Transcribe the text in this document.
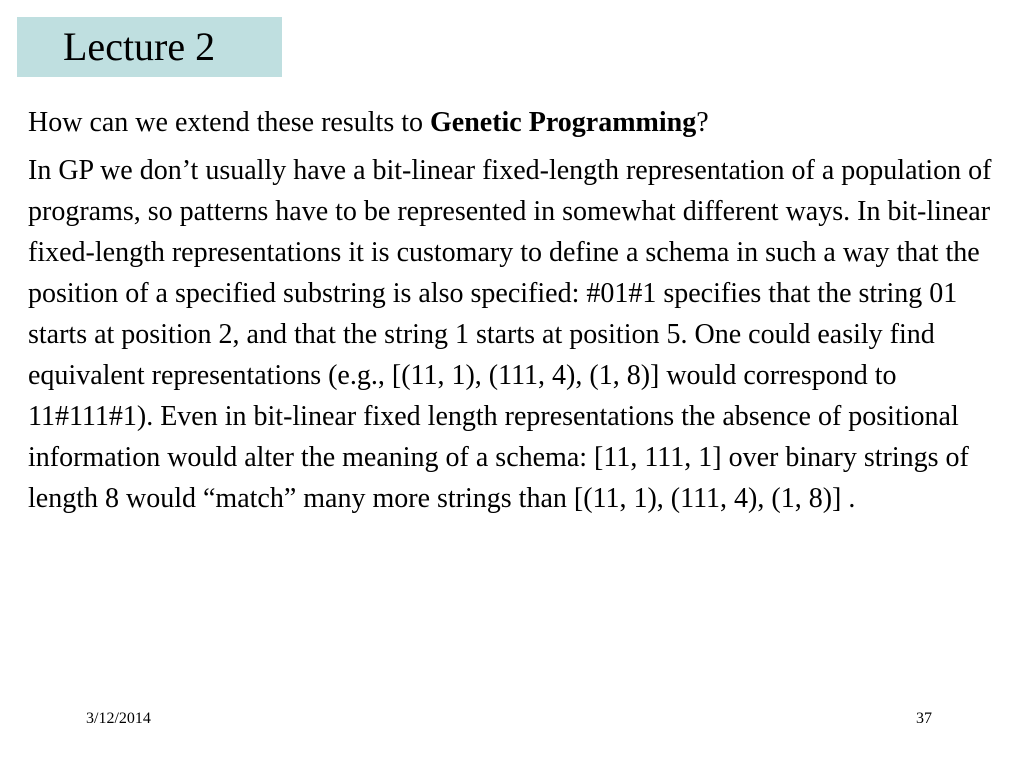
Lecture 2

How can we extend these results to Genetic Programming?

In GP we don’t usually have a bit-linear fixed-length representation of a population of programs, so patterns have to be represented in somewhat different ways. In bit-linear fixed-length representations it is customary to define a schema in such a way that the position of a specified substring is also specified: #01#1 specifies that the string 01 starts at position 2, and that the string 1 starts at position 5. One could easily find equivalent representations (e.g., [(11, 1), (111, 4), (1, 8)] would correspond to 11#111#1). Even in bit-linear fixed length representations the absence of positional information would alter the meaning of a schema: [11, 111, 1] over binary strings of length 8 would “match” many more strings than [(11, 1), (111, 4), (1, 8)] .

3/12/2014	37
